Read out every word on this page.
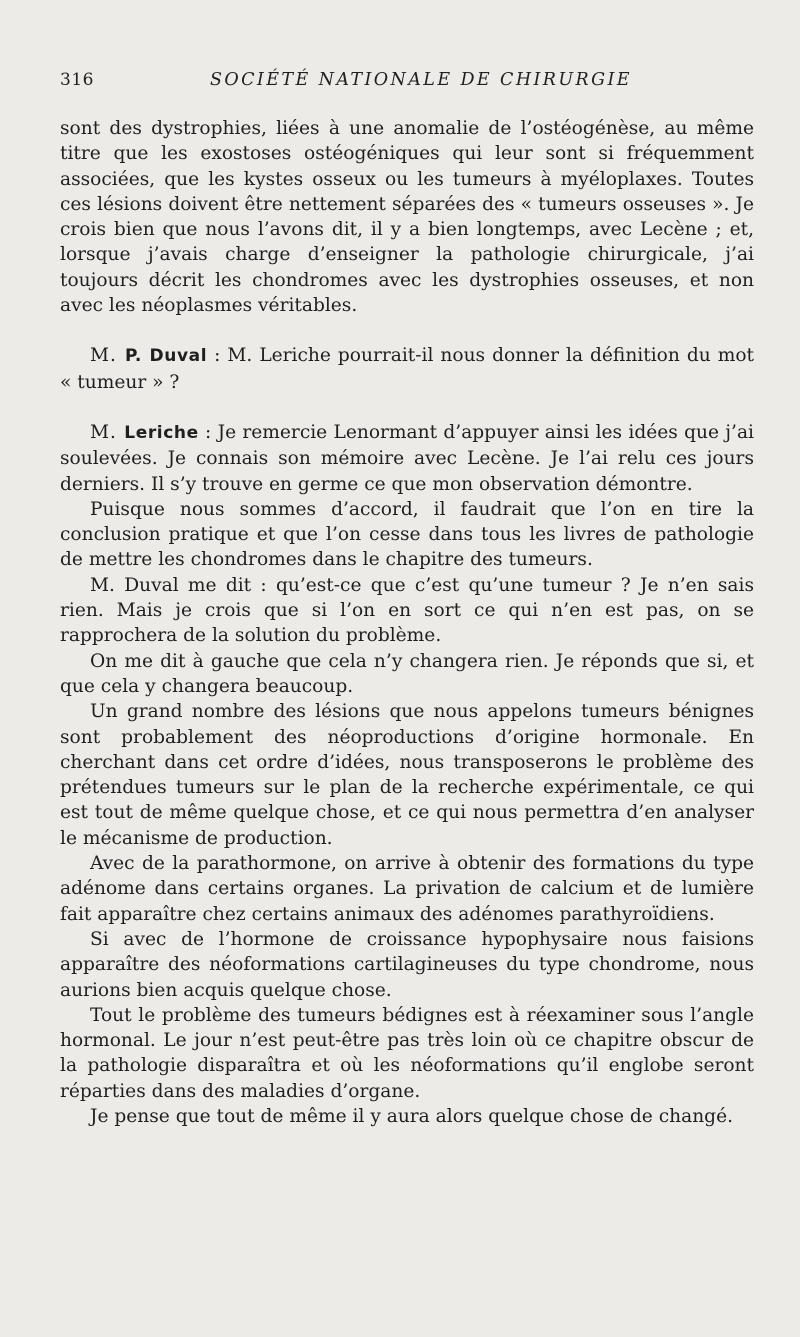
316	SOCIÉTÉ NATIONALE DE CHIRURGIE

sont des dystrophies, liées à une anomalie de l’ostéogénèse, au même titre que les exostoses ostéogéniques qui leur sont si fréquemment associées, que les kystes osseux ou les tumeurs à myéloplaxes. Toutes ces lésions doivent être nettement séparées des « tumeurs osseuses ». Je crois bien que nous l’avons dit, il y a bien longtemps, avec Lecène ; et, lorsque j’avais charge d’enseigner la pathologie chirurgicale, j’ai toujours décrit les chondromes avec les dystrophies osseuses, et non avec les néoplasmes véritables.

M. P. Duval : M. Leriche pourrait-il nous donner la définition du mot « tumeur » ?

M. Leriche : Je remercie Lenormant d’appuyer ainsi les idées que j’ai soulevées. Je connais son mémoire avec Lecène. Je l’ai relu ces jours derniers. Il s’y trouve en germe ce que mon observation démontre.

Puisque nous sommes d’accord, il faudrait que l’on en tire la conclusion pratique et que l’on cesse dans tous les livres de pathologie de mettre les chondromes dans le chapitre des tumeurs.

M. Duval me dit : qu’est-ce que c’est qu’une tumeur ? Je n’en sais rien. Mais je crois que si l’on en sort ce qui n’en est pas, on se rapprochera de la solution du problème.

On me dit à gauche que cela n’y changera rien. Je réponds que si, et que cela y changera beaucoup.

Un grand nombre des lésions que nous appelons tumeurs bénignes sont probablement des néoproductions d’origine hormonale. En cherchant dans cet ordre d’idées, nous transposerons le problème des prétendues tumeurs sur le plan de la recherche expérimentale, ce qui est tout de même quelque chose, et ce qui nous permettra d’en analyser le mécanisme de production.

Avec de la parathormone, on arrive à obtenir des formations du type adénome dans certains organes. La privation de calcium et de lumière fait apparaître chez certains animaux des adénomes parathyroïdiens.

Si avec de l’hormone de croissance hypophysaire nous faisions apparaître des néoformations cartilagineuses du type chondrome, nous aurions bien acquis quelque chose.

Tout le problème des tumeurs bédignes est à réexaminer sous l’angle hormonal. Le jour n’est peut-être pas très loin où ce chapitre obscur de la pathologie disparaîtra et où les néoformations qu’il englobe seront réparties dans des maladies d’organe.

Je pense que tout de même il y aura alors quelque chose de changé.
